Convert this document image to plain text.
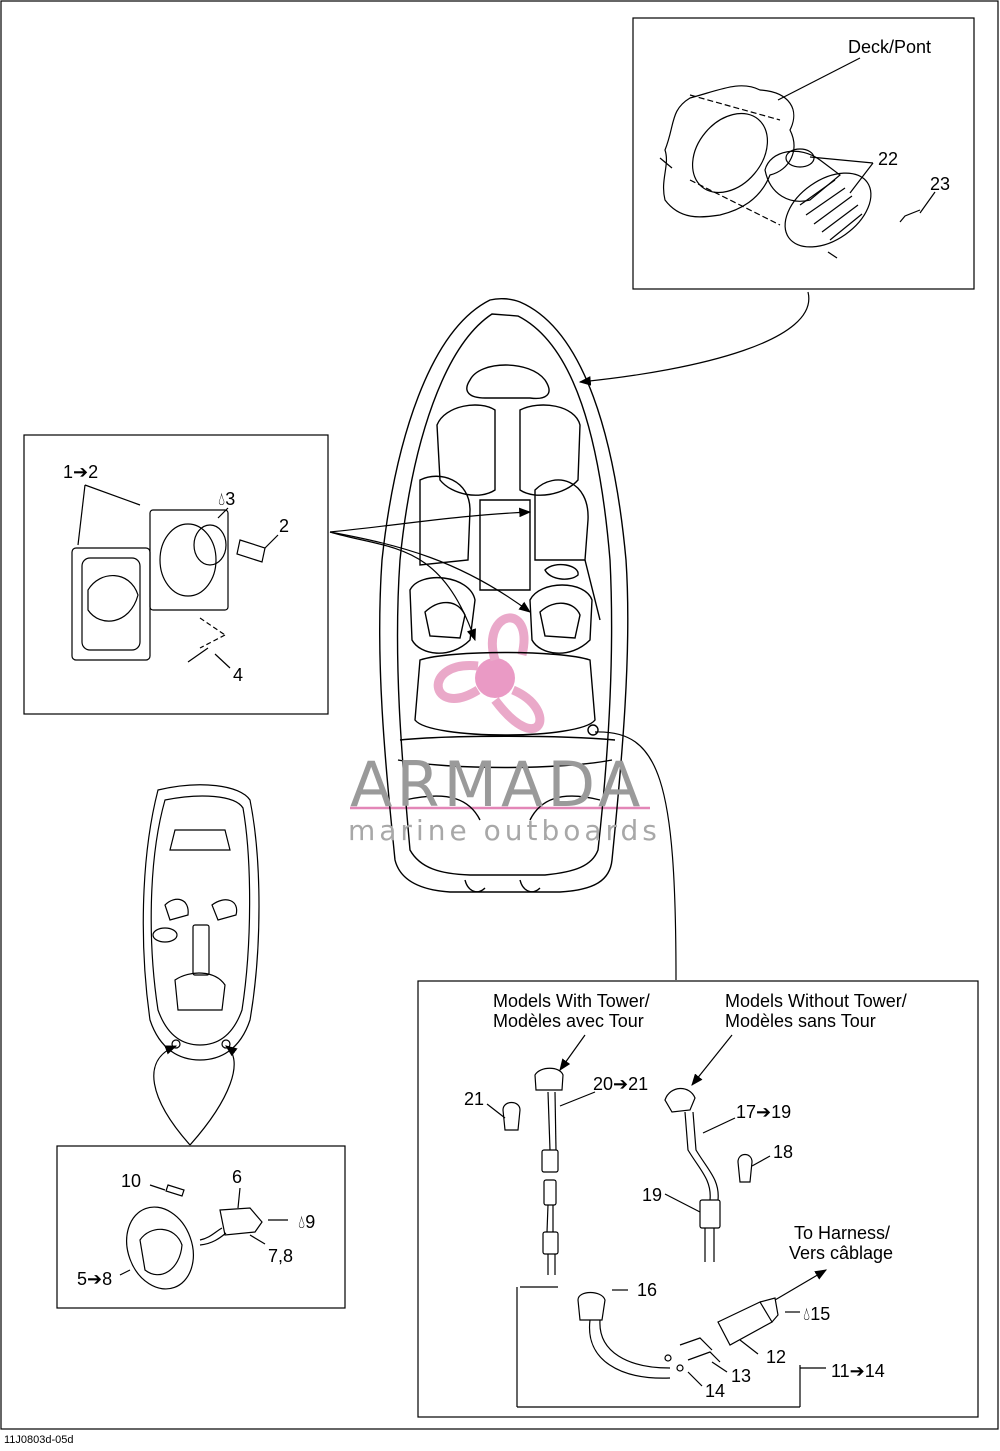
ARMADA
marine outboards
Deck/Pont
22
23
1➔2
💧︎3
2
4
10	6
💧︎9
7,8
5➔8
Models With Tower/
Modèles avec Tour
Models Without Tower/
Modèles sans Tour
To Harness/
Vers câblage
21
20➔21
17➔19
18
19
16
💧︎15
12
13
14
11➔14
11J0803d-05d
